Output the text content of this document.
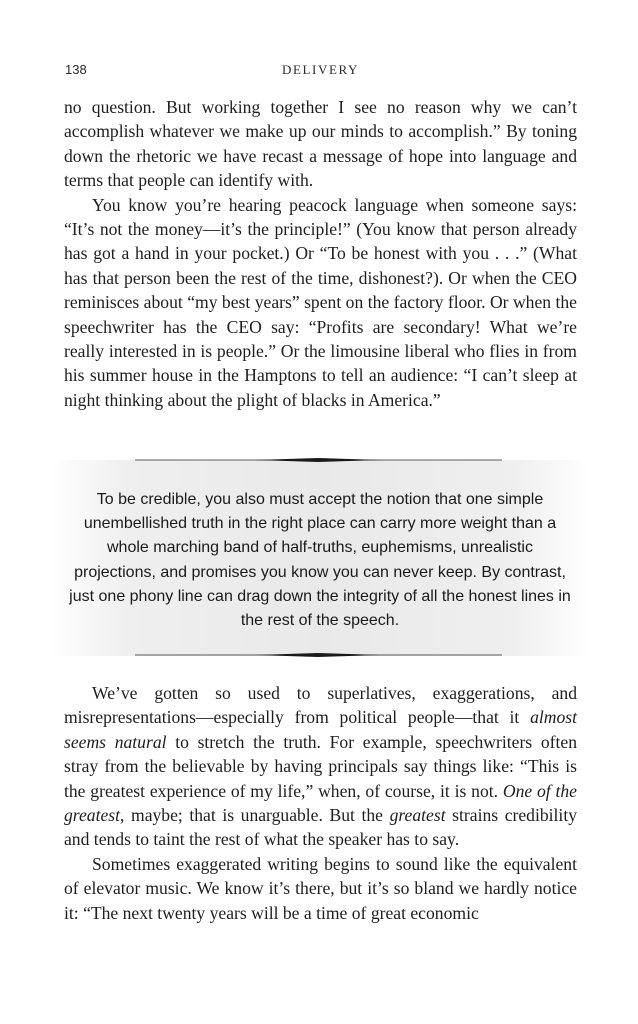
138	DELIVERY

no question. But working together I see no reason why we can’t accomplish whatever we make up our minds to accomplish.” By toning down the rhetoric we have recast a message of hope into language and terms that people can identify with.

You know you’re hearing peacock language when someone says: “It’s not the money—it’s the principle!” (You know that person already has got a hand in your pocket.) Or “To be honest with you . . .” (What has that person been the rest of the time, dishonest?). Or when the CEO reminisces about “my best years” spent on the factory floor. Or when the speechwriter has the CEO say: “Profits are secondary! What we’re really interested in is people.” Or the limousine liberal who flies in from his summer house in the Hamptons to tell an audience: “I can’t sleep at night thinking about the plight of blacks in America.”

To be credible, you also must accept the notion that one simple unembellished truth in the right place can carry more weight than a whole marching band of half-truths, euphemisms, unrealistic projections, and promises you know you can never keep. By contrast, just one phony line can drag down the integrity of all the honest lines in the rest of the speech.

We’ve gotten so used to superlatives, exaggerations, and misrepresentations—especially from political people—that it almost seems natural to stretch the truth. For example, speechwriters often stray from the believable by having principals say things like: “This is the greatest experience of my life,” when, of course, it is not. One of the greatest, maybe; that is unarguable. But the greatest strains credibility and tends to taint the rest of what the speaker has to say.

Sometimes exaggerated writing begins to sound like the equivalent of elevator music. We know it’s there, but it’s so bland we hardly notice it: “The next twenty years will be a time of great economic
